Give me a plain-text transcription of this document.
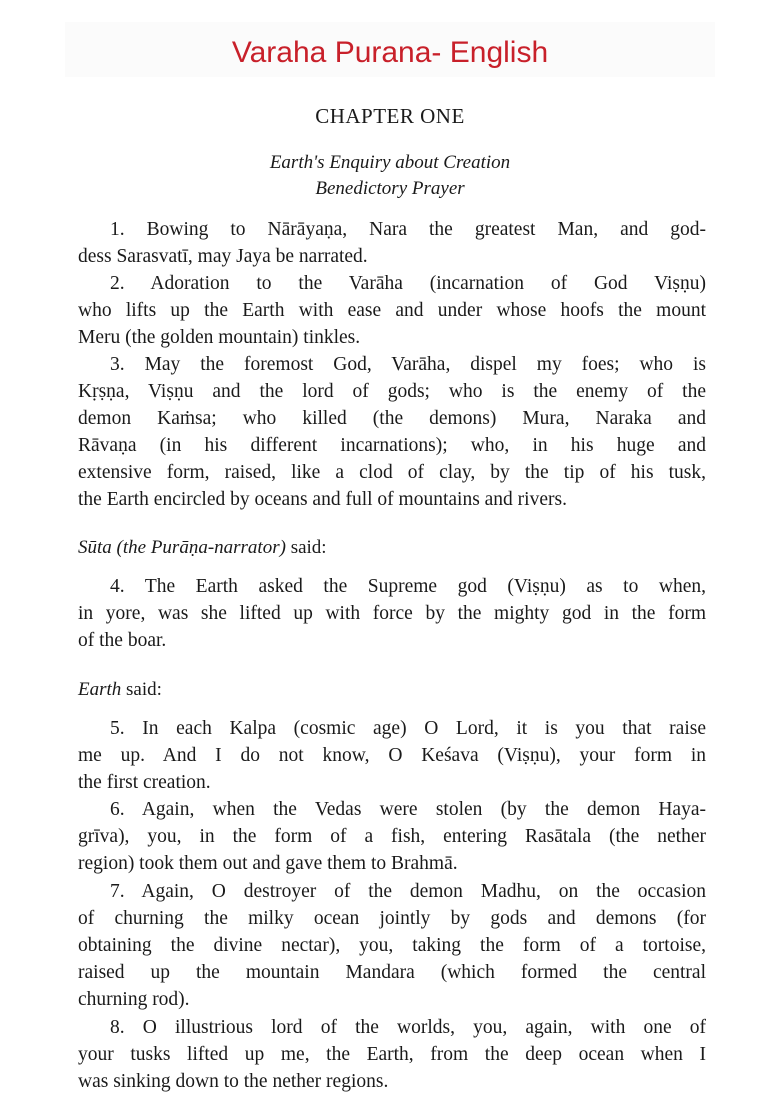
Varaha Purana- English
CHAPTER ONE
Earth's Enquiry about Creation
Benedictory Prayer
Sūta (the Purāṇa-narrator) said:
Earth said:
1. Bowing to Nārāyaṇa, Nara the greatest Man, and god-
dess Sarasvatī, may Jaya be narrated.
2. Adoration to the Varāha (incarnation of God Viṣṇu)
who lifts up the Earth with ease and under whose hoofs the mount
Meru (the golden mountain) tinkles.
3. May the foremost God, Varāha, dispel my foes; who is
Kṛṣṇa, Viṣṇu and the lord of gods; who is the enemy of the
demon Kaṁsa; who killed (the demons) Mura, Naraka and
Rāvaṇa (in his different incarnations); who, in his huge and
extensive form, raised, like a clod of clay, by the tip of his tusk,
the Earth encircled by oceans and full of mountains and rivers.
4. The Earth asked the Supreme god (Viṣṇu) as to when,
in yore, was she lifted up with force by the mighty god in the form
of the boar.
5. In each Kalpa (cosmic age) O Lord, it is you that raise
me up. And I do not know, O Keśava (Viṣṇu), your form in
the first creation.
6. Again, when the Vedas were stolen (by the demon Haya-
grīva), you, in the form of a fish, entering Rasātala (the nether
region) took them out and gave them to Brahmā.
7. Again, O destroyer of the demon Madhu, on the occasion
of churning the milky ocean jointly by gods and demons (for
obtaining the divine nectar), you, taking the form of a tortoise,
raised up the mountain Mandara (which formed the central
churning rod).
8. O illustrious lord of the worlds, you, again, with one of
your tusks lifted up me, the Earth, from the deep ocean when I
was sinking down to the nether regions.
